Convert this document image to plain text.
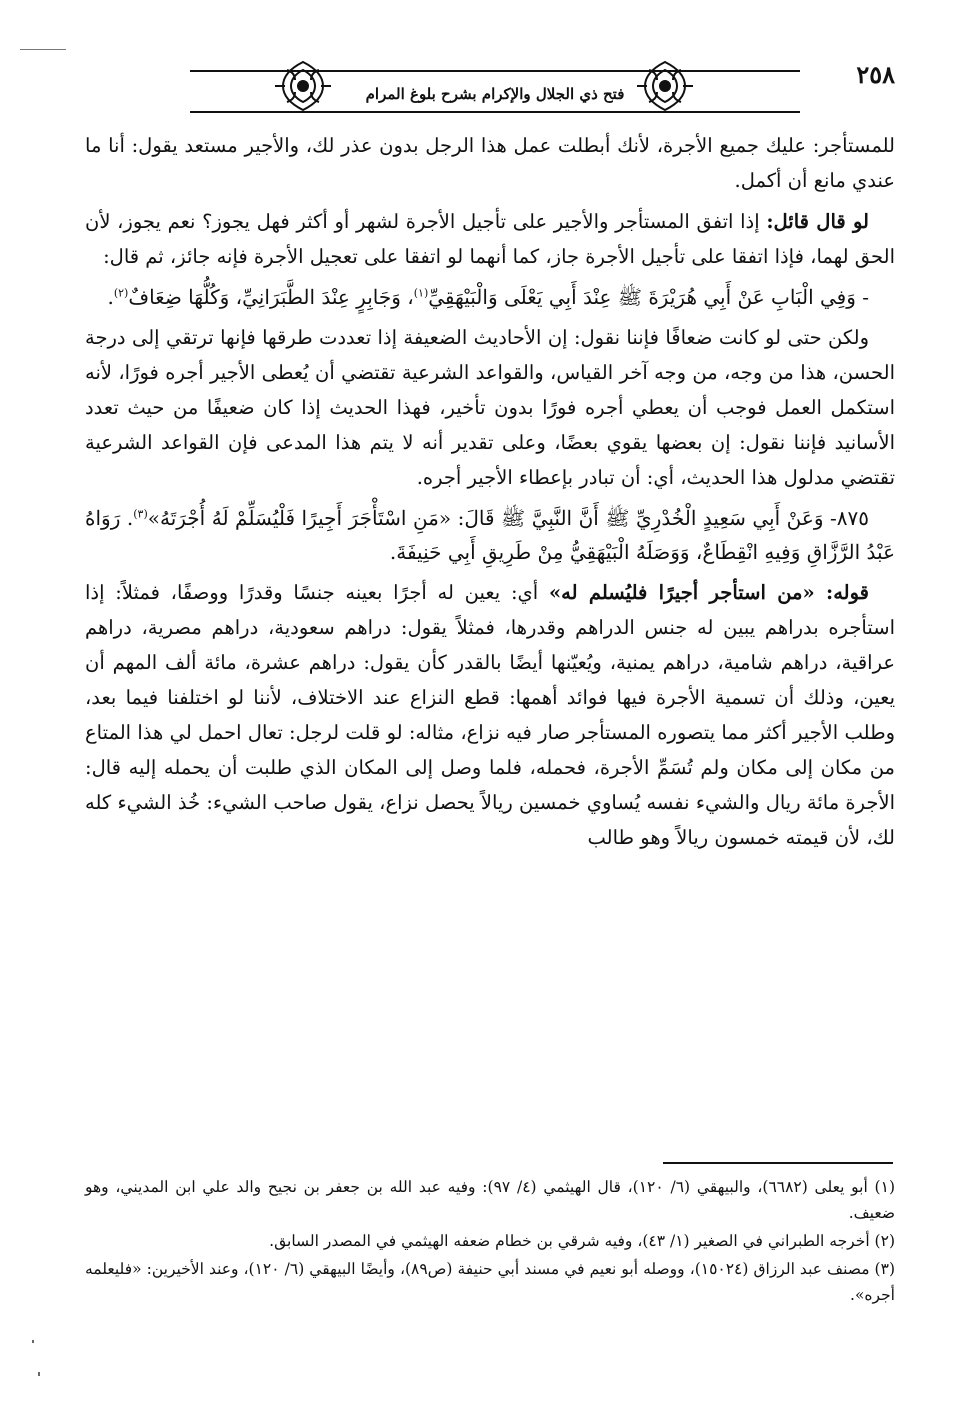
٢٥٨
فتح ذي الجلال والإكرام بشرح بلوغ المرام

للمستأجر: عليك جميع الأجرة، لأنك أبطلت عمل هذا الرجل بدون عذر لك، والأجير مستعد يقول: أنا ما عندي مانع أن أكمل.

لو قال قائل: إذا اتفق المستأجر والأجير على تأجيل الأجرة لشهر أو أكثر فهل يجوز؟ نعم يجوز، لأن الحق لهما، فإذا اتفقا على تأجيل الأجرة جاز، كما أنهما لو اتفقا على تعجيل الأجرة فإنه جائز، ثم قال:

- وَفِي الْبَابِ عَنْ أَبِي هُرَيْرَةَ ﷺ عِنْدَ أَبِي يَعْلَى وَالْبَيْهَقِيِّ$^{(١)}$، وَجَابِرٍ عِنْدَ الطَّبَرَانِيِّ، وَكُلُّهَا ضِعَافٌ$^{(٢)}$.

ولكن حتى لو كانت ضعافًا فإننا نقول: إن الأحاديث الضعيفة إذا تعددت طرقها فإنها ترتقي إلى درجة الحسن، هذا من وجه، من وجه آخر القياس، والقواعد الشرعية تقتضي أن يُعطى الأجير أجره فورًا، لأنه استكمل العمل فوجب أن يعطي أجره فورًا بدون تأخير، فهذا الحديث إذا كان ضعيفًا من حيث تعدد الأسانيد فإننا نقول: إن بعضها يقوي بعضًا، وعلى تقدير أنه لا يتم هذا المدعى فإن القواعد الشرعية تقتضي مدلول هذا الحديث، أي: أن تبادر بإعطاء الأجير أجره.

٨٧٥- وَعَنْ أَبِي سَعِيدٍ الْخُدْرِيِّ ﷺ أَنَّ النَّبِيَّ ﷺ قَالَ: «مَنِ اسْتَأْجَرَ أَجِيرًا فَلْيُسَلِّمْ لَهُ أُجْرَتَهُ»$^{(٣)}$. رَوَاهُ عَبْدُ الرَّزَّاقِ وَفِيهِ انْقِطَاعٌ، وَوَصَلَهُ الْبَيْهَقِيُّ مِنْ طَرِيقِ أَبِي حَنِيفَةَ.

قوله: «من استأجر أجيرًا فليُسلم له» أي: يعين له أجرًا بعينه جنسًا وقدرًا ووصفًا، فمثلاً: إذا استأجره بدراهم يبين له جنس الدراهم وقدرها، فمثلاً يقول: دراهم سعودية، دراهم مصرية، دراهم عراقية، دراهم شامية، دراهم يمنية، ويُعيّنها أيضًا بالقدر كأن يقول: دراهم عشرة، مائة ألف المهم أن يعين، وذلك أن تسمية الأجرة فيها فوائد أهمها: قطع النزاع عند الاختلاف، لأننا لو اختلفنا فيما بعد، وطلب الأجير أكثر مما يتصوره المستأجر صار فيه نزاع، مثاله: لو قلت لرجل: تعال احمل لي هذا المتاع من مكان إلى مكان ولم تُسَمِّ الأجرة، فحمله، فلما وصل إلى المكان الذي طلبت أن يحمله إليه قال: الأجرة مائة ريال والشيء نفسه يُساوي خمسين ريالاً يحصل نزاع، يقول صاحب الشيء: خُذ الشيء كله لك، لأن قيمته خمسون ريالاً وهو طالب

(١) أبو يعلى (٦٦٨٢)، والبيهقي (٦/ ١٢٠)، قال الهيثمي (٤/ ٩٧): وفيه عبد الله بن جعفر بن نجيح والد علي ابن المديني، وهو ضعيف.

(٢) أخرجه الطبراني في الصغير (١/ ٤٣)، وفيه شرقي بن خطام ضعفه الهيثمي في المصدر السابق.

(٣) مصنف عبد الرزاق (١٥٠٢٤)، ووصله أبو نعيم في مسند أبي حنيفة (ص٨٩)، وأيضًا البيهقي (٦/ ١٢٠)، وعند الأخيرين: «فليعلمه أجره».
